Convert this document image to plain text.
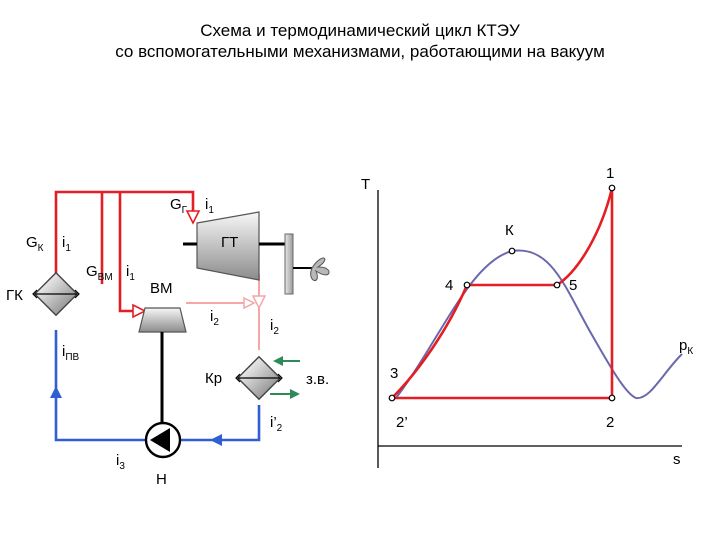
Схема и термодинамический цикл КТЭУ
со вспомогательными механизмами, работающими на вакуум
ГК
ГТ
ВМ
Кр
Н
з.в.
$G_К$ $i_1$
$G_{ВМ}$ $i_1$
$G_Г$ $i_1$
$i_2$	$i_2$
$i’_2$
$i_3$
$i_{ПВ}$
T
s
1
2
2’
3
4	5
К
$p_К$
